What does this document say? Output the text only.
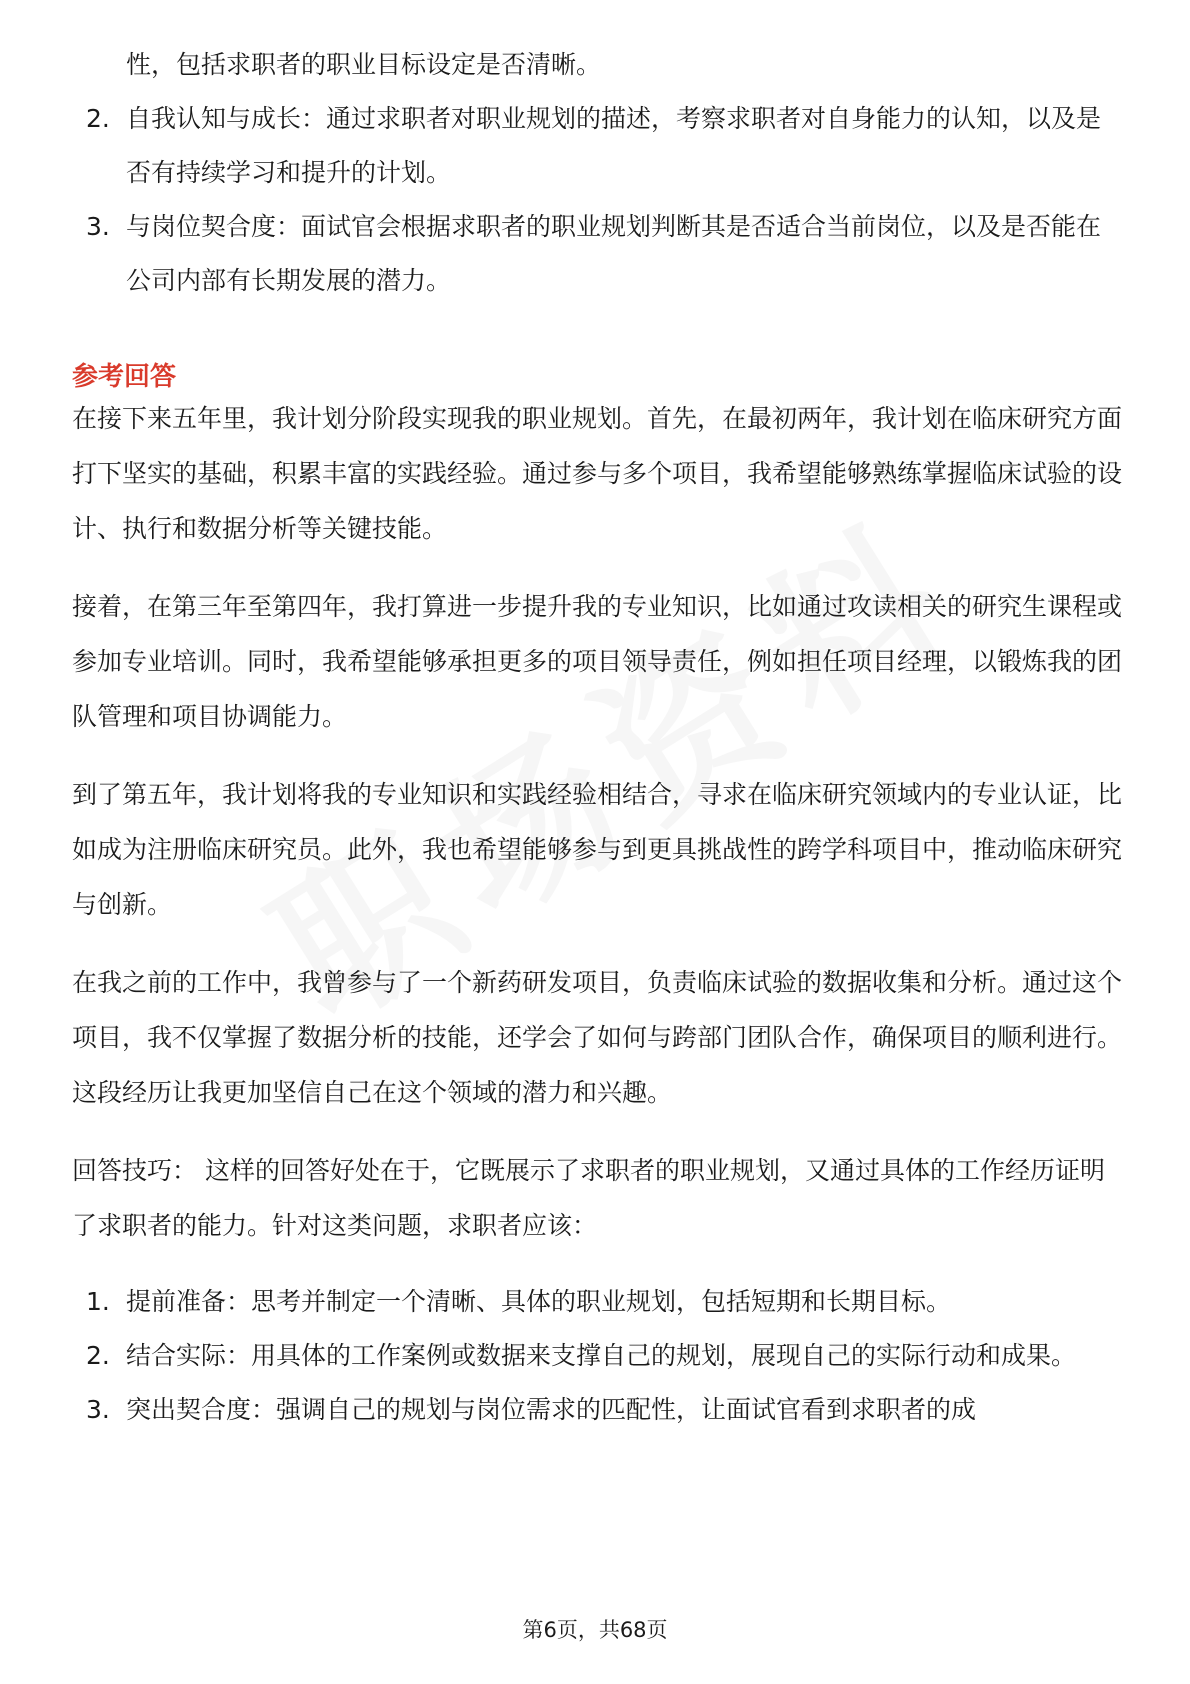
性，包括求职者的职业目标设定是否清晰。
2. 自我认知与成长：通过求职者对职业规划的描述，考察求职者对自身能力的认知，以及是否有持续学习和提升的计划。
3. 与岗位契合度：面试官会根据求职者的职业规划判断其是否适合当前岗位，以及是否能在公司内部有长期发展的潜力。
参考回答

在接下来五年里，我计划分阶段实现我的职业规划。首先，在最初两年，我计划在临床研究方面打下坚实的基础，积累丰富的实践经验。通过参与多个项目，我希望能够熟练掌握临床试验的设计、执行和数据分析等关键技能。

接着，在第三年至第四年，我打算进一步提升我的专业知识，比如通过攻读相关的研究生课程或参加专业培训。同时，我希望能够承担更多的项目领导责任，例如担任项目经理，以锻炼我的团队管理和项目协调能力。

到了第五年，我计划将我的专业知识和实践经验相结合，寻求在临床研究领域内的专业认证，比如成为注册临床研究员。此外，我也希望能够参与到更具挑战性的跨学科项目中，推动临床研究与创新。

在我之前的工作中，我曾参与了一个新药研发项目，负责临床试验的数据收集和分析。通过这个项目，我不仅掌握了数据分析的技能，还学会了如何与跨部门团队合作，确保项目的顺利进行。这段经历让我更加坚信自己在这个领域的潜力和兴趣。

回答技巧： 这样的回答好处在于，它既展示了求职者的职业规划，又通过具体的工作经历证明了求职者的能力。针对这类问题，求职者应该：

1. 提前准备：思考并制定一个清晰、具体的职业规划，包括短期和长期目标。
2. 结合实际：用具体的工作案例或数据来支撑自己的规划，展现自己的实际行动和成果。
3. 突出契合度：强调自己的规划与岗位需求的匹配性，让面试官看到求职者的成
第6页，共68页
